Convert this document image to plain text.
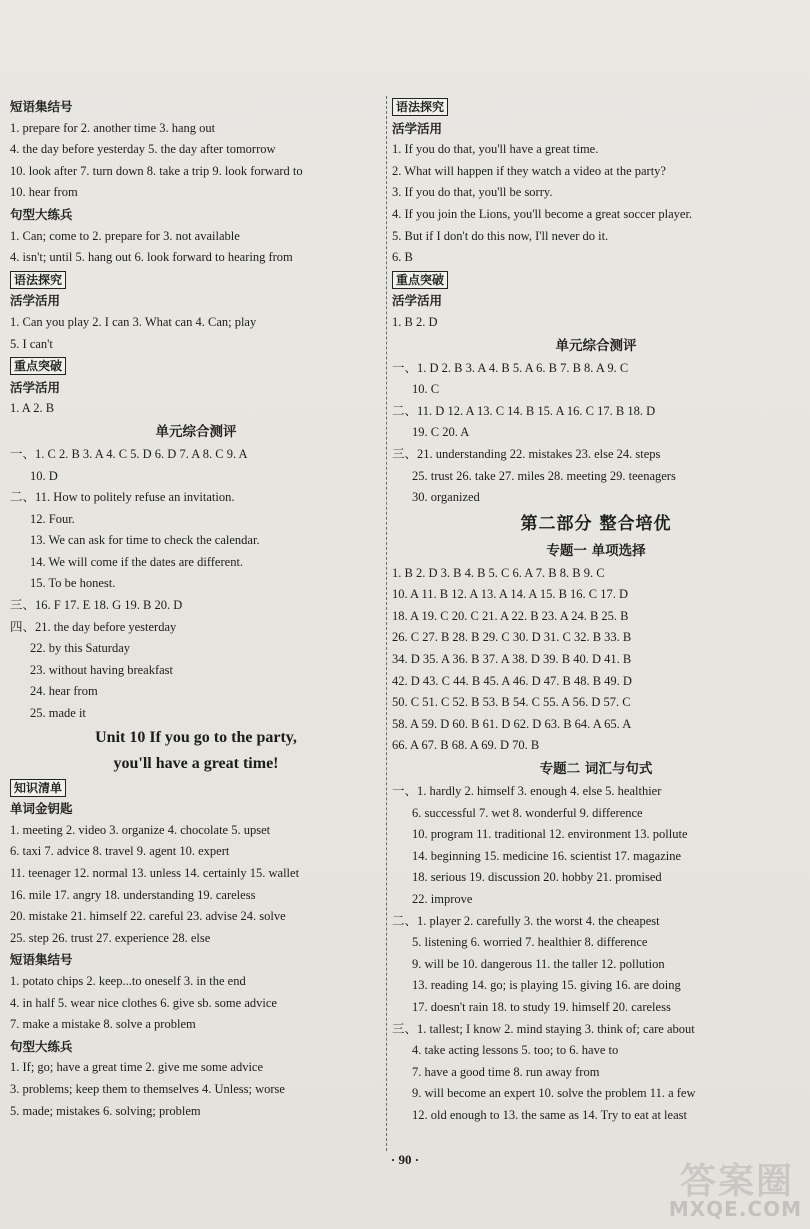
短语集结号
1. prepare for 2. another time 3. hang out
4. the day before yesterday 5. the day after tomorrow
10. look after 7. turn down 8. take a trip 9. look forward to
10. hear from
句型大练兵
1. Can; come to 2. prepare for 3. not available
4. isn't; until 5. hang out 6. look forward to hearing from
语法探究
活学活用
1. Can you play 2. I can 3. What can 4. Can; play
5. I can't
重点突破
活学活用
1. A 2. B
单元综合测评
一、1. C 2. B 3. A 4. C 5. D 6. D 7. A 8. C 9. A
10. D
二、11. How to politely refuse an invitation.
12. Four.
13. We can ask for time to check the calendar.
14. We will come if the dates are different.
15. To be honest.
三、16. F 17. E 18. G 19. B 20. D
四、21. the day before yesterday
22. by this Saturday
23. without having breakfast
24. hear from
25. made it
Unit 10 If you go to the party,
you'll have a great time!
知识清单
单词金钥匙
1. meeting 2. video 3. organize 4. chocolate 5. upset
6. taxi 7. advice 8. travel 9. agent 10. expert
11. teenager 12. normal 13. unless 14. certainly 15. wallet
16. mile 17. angry 18. understanding 19. careless
20. mistake 21. himself 22. careful 23. advise 24. solve
25. step 26. trust 27. experience 28. else
短语集结号
1. potato chips 2. keep...to oneself 3. in the end
4. in half 5. wear nice clothes 6. give sb. some advice
7. make a mistake 8. solve a problem
句型大练兵
1. If; go; have a great time 2. give me some advice
3. problems; keep them to themselves 4. Unless; worse
5. made; mistakes 6. solving; problem
语法探究
活学活用
1. If you do that, you'll have a great time.
2. What will happen if they watch a video at the party?
3. If you do that, you'll be sorry.
4. If you join the Lions, you'll become a great soccer player.
5. But if I don't do this now, I'll never do it.
6. B
重点突破
活学活用
1. B 2. D
单元综合测评
一、1. D 2. B 3. A 4. B 5. A 6. B 7. B 8. A 9. C
10. C
二、11. D 12. A 13. C 14. B 15. A 16. C 17. B 18. D
19. C 20. A
三、21. understanding 22. mistakes 23. else 24. steps
25. trust 26. take 27. miles 28. meeting 29. teenagers
30. organized
第二部分 整合培优
专题一 单项选择
1. B 2. D 3. B 4. B 5. C 6. A 7. B 8. B 9. C
10. A 11. B 12. A 13. A 14. A 15. B 16. C 17. D
18. A 19. C 20. C 21. A 22. B 23. A 24. B 25. B
26. C 27. B 28. B 29. C 30. D 31. C 32. B 33. B
34. D 35. A 36. B 37. A 38. D 39. B 40. D 41. B
42. D 43. C 44. B 45. A 46. D 47. B 48. B 49. D
50. C 51. C 52. B 53. B 54. C 55. A 56. D 57. C
58. A 59. D 60. B 61. D 62. D 63. B 64. A 65. A
66. A 67. B 68. A 69. D 70. B
专题二 词汇与句式
一、1. hardly 2. himself 3. enough 4. else 5. healthier
6. successful 7. wet 8. wonderful 9. difference
10. program 11. traditional 12. environment 13. pollute
14. beginning 15. medicine 16. scientist 17. magazine
18. serious 19. discussion 20. hobby 21. promised
22. improve
二、1. player 2. carefully 3. the worst 4. the cheapest
5. listening 6. worried 7. healthier 8. difference
9. will be 10. dangerous 11. the taller 12. pollution
13. reading 14. go; is playing 15. giving 16. are doing
17. doesn't rain 18. to study 19. himself 20. careless
三、1. tallest; I know 2. mind staying 3. think of; care about
4. take acting lessons 5. too; to 6. have to
7. have a good time 8. run away from
9. will become an expert 10. solve the problem 11. a few
12. old enough to 13. the same as 14. Try to eat at least
· 90 ·
答案圈
MXQE.COM
